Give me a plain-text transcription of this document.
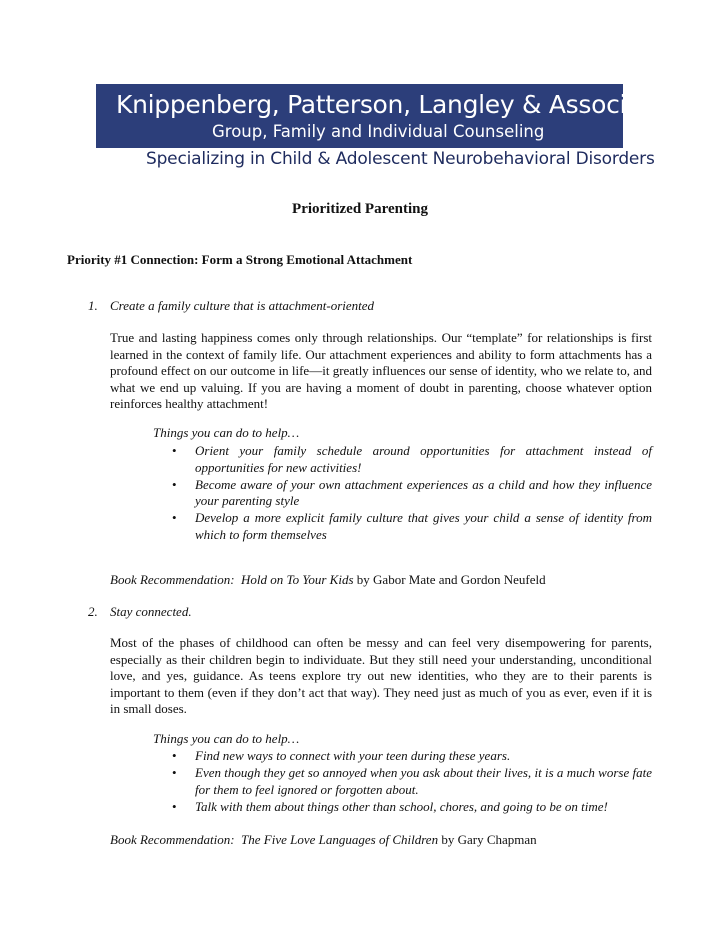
Knippenberg, Patterson, Langley & Associates
Group, Family and Individual Counseling
Specializing in Child & Adolescent Neurobehavioral Disorders
Prioritized Parenting
Priority #1 Connection: Form a Strong Emotional Attachment
1. Create a family culture that is attachment-oriented

True and lasting happiness comes only through relationships. Our “template” for relationships is first learned in the context of family life. Our attachment experiences and ability to form attachments has a profound effect on our outcome in life—it greatly influences our sense of identity, who we relate to, and what we end up valuing. If you are having a moment of doubt in parenting, choose whatever option reinforces healthy attachment!

Things you can do to help…
• Orient your family schedule around opportunities for attachment instead of opportunities for new activities!
• Become aware of your own attachment experiences as a child and how they influence your parenting style
• Develop a more explicit family culture that gives your child a sense of identity from which to form themselves
Book Recommendation: Hold on To Your Kids by Gabor Mate and Gordon Neufeld
2. Stay connected.

Most of the phases of childhood can often be messy and can feel very disempowering for parents, especially as their children begin to individuate. But they still need your understanding, unconditional love, and yes, guidance. As teens explore try out new identities, who they are to their parents is important to them (even if they don’t act that way). They need just as much of you as ever, even if it is in small doses.

Things you can do to help…
• Find new ways to connect with your teen during these years.
• Even though they get so annoyed when you ask about their lives, it is a much worse fate for them to feel ignored or forgotten about.
• Talk with them about things other than school, chores, and going to be on time!
Book Recommendation: The Five Love Languages of Children by Gary Chapman
